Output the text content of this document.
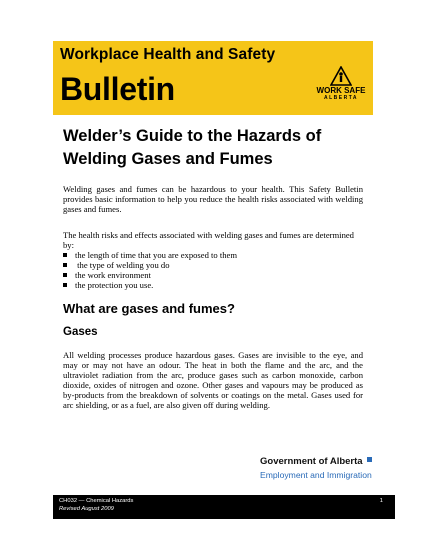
Workplace Health and Safety
Bulletin	WORK SAFE
ALBERTA
Welder’s Guide to the Hazards of
Welding Gases and Fumes
Welding gases and fumes can be hazardous to your health. This Safety Bulletin provides basic information to help you reduce the health risks associated with welding gases and fumes.
The health risks and effects associated with welding gases and fumes are determined by:
the length of time that you are exposed to them
the type of welding you do
the work environment
the protection you use.
What are gases and fumes?
Gases
All welding processes produce hazardous gases. Gases are invisible to the eye, and may or may not have an odour. The heat in both the flame and the arc, and the ultraviolet radiation from the arc, produce gases such as carbon monoxide, carbon dioxide, oxides of nitrogen and ozone. Other gases and vapours may be produced as by-products from the breakdown of solvents or coatings on the metal. Gases used for arc shielding, or as a fuel, are also given off during welding.
Government of Alberta
Employment and Immigration
CH032 — Chemical Hazards
Revised August 2009
1
